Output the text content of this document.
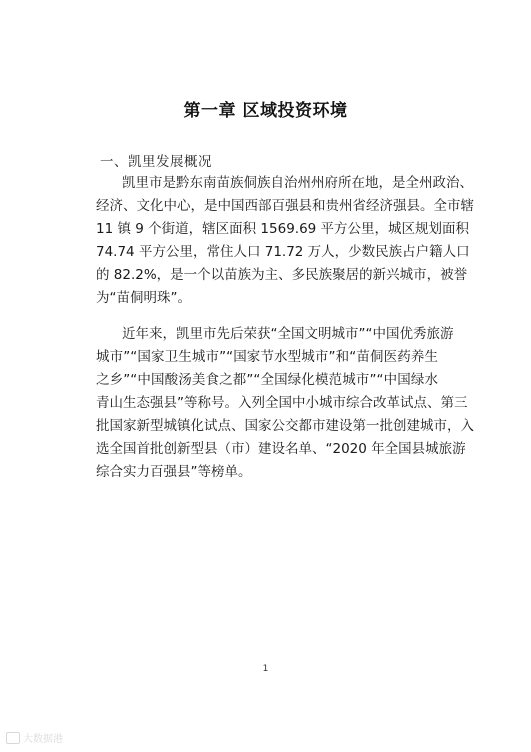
第一章 区域投资环境
一、凯里发展概况
凯里市是黔东南苗族侗族自治州州府所在地，是全州政治、
经济、文化中心，是中国西部百强县和贵州省经济强县。全市辖
11 镇 9 个街道，辖区面积 1569.69 平方公里，城区规划面积
74.74 平方公里，常住人口 71.72 万人，少数民族占户籍人口
的 82.2%，是一个以苗族为主、多民族聚居的新兴城市，被誉
为“苗侗明珠”。
近年来，凯里市先后荣获“全国文明城市”“中国优秀旅游
城市”“国家卫生城市”“国家节水型城市”和“苗侗医药养生
之乡”“中国酸汤美食之都”“全国绿化模范城市”“中国绿水
青山生态强县”等称号。入列全国中小城市综合改革试点、第三
批国家新型城镇化试点、国家公交都市建设第一批创建城市，入
选全国首批创新型县（市）建设名单、“2020 年全国县城旅游
综合实力百强县”等榜单。
1
大数据港
